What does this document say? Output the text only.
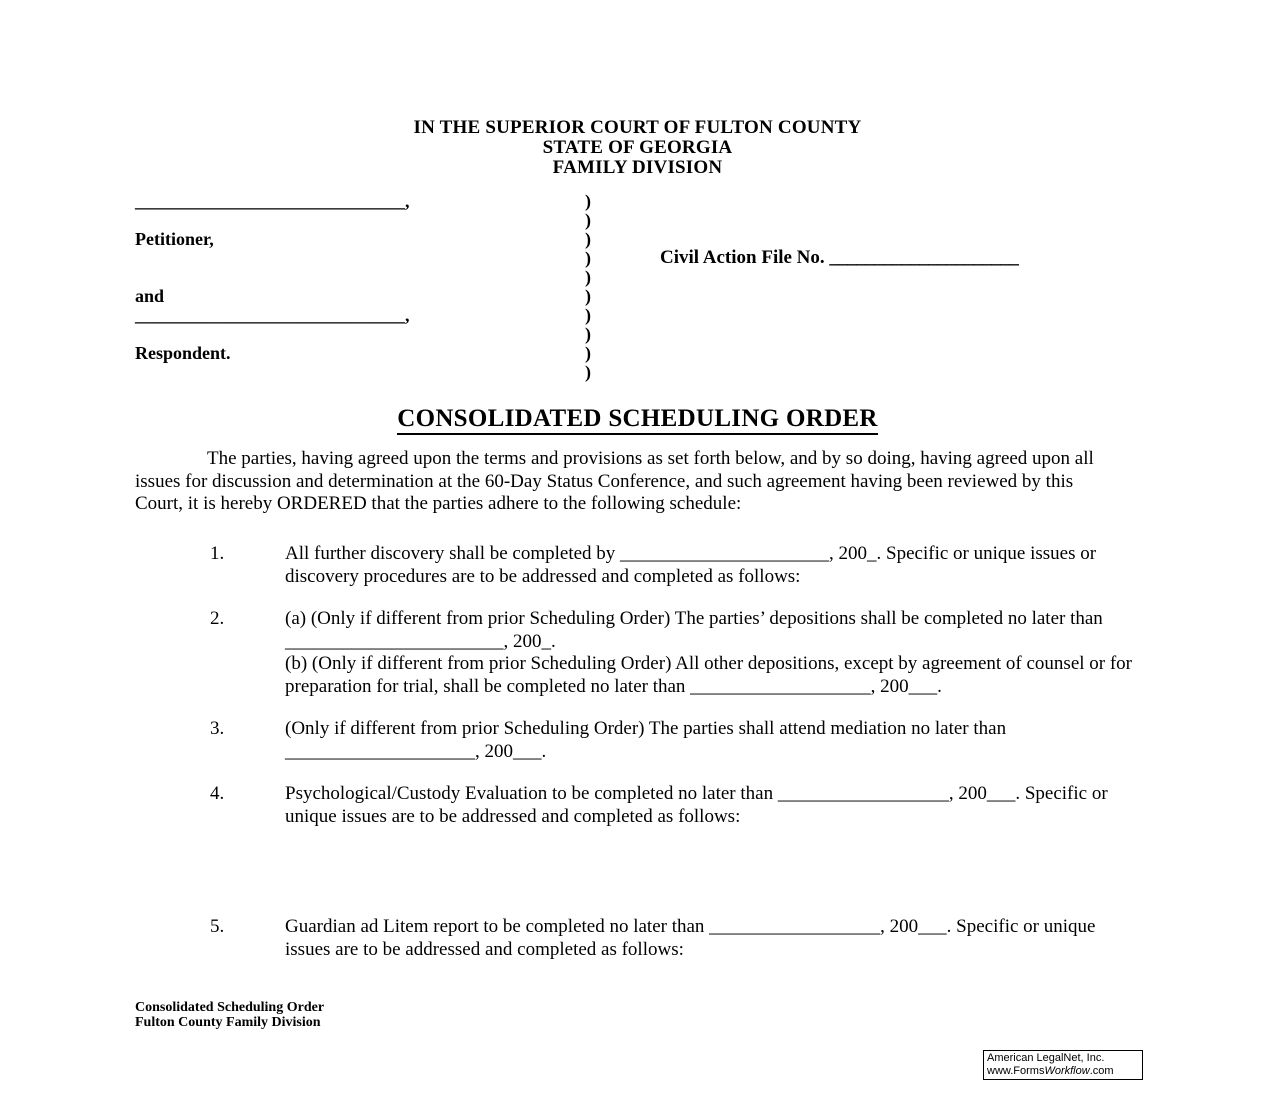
IN THE SUPERIOR COURT OF FULTON COUNTY
STATE OF GEORGIA
FAMILY DIVISION
______________________________,

Petitioner,

and
______________________________,

Respondent.
)
)
)
)
)
)
)
)
)
)
Civil Action File No. _____________________
CONSOLIDATED SCHEDULING ORDER
The parties, having agreed upon the terms and provisions as set forth below, and by so doing, having agreed upon all issues for discussion and determination at the 60-Day Status Conference, and such agreement having been reviewed by this Court, it is hereby ORDERED that the parties adhere to the following schedule:
1.	All further discovery shall be completed by ______________________, 200_. Specific or unique issues or discovery procedures are to be addressed and completed as follows:

2.	(a) (Only if different from prior Scheduling Order) The parties’ depositions shall be completed no later than _______________________, 200_.

(b) (Only if different from prior Scheduling Order) All other depositions, except by agreement of counsel or for preparation for trial, shall be completed no later than ___________________, 200___.

3.	(Only if different from prior Scheduling Order) The parties shall attend mediation no later than ____________________, 200___.

4.	Psychological/Custody Evaluation to be completed no later than __________________, 200___. Specific or unique issues are to be addressed and completed as follows:

5.	Guardian ad Litem report to be completed no later than __________________, 200___. Specific or unique issues are to be addressed and completed as follows:

Consolidated Scheduling Order
Fulton County Family Division
American LegalNet, Inc.
www.FormsWorkflow.com
